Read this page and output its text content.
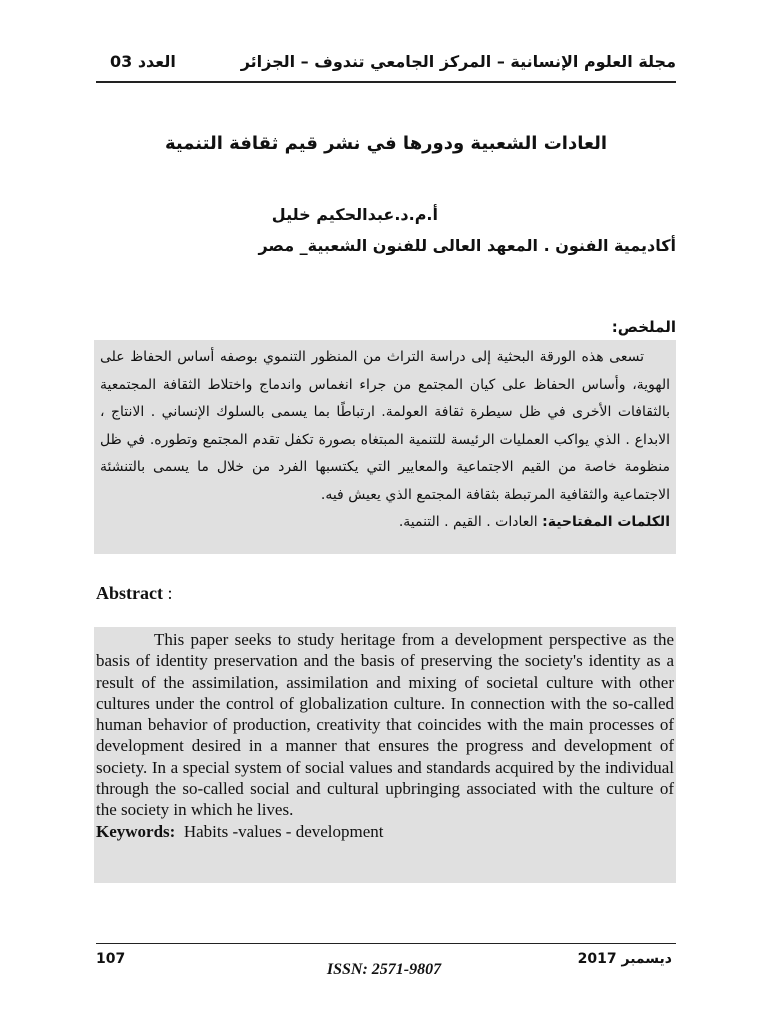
مجلة العلوم الإنسانية – المركز الجامعي تندوف – الجزائر
العدد 03
العادات الشعبية ودورها في نشر قيم ثقافة التنمية
أ.م.د.عبدالحكيم خليل
أكاديمية الفنون . المعهد العالى للفنون الشعبية_ مصر
الملخص:
تسعى هذه الورقة البحثية إلى دراسة التراث من المنظور التنموي بوصفه أساس الحفاظ على الهوية، وأساس الحفاظ على كيان المجتمع من جراء انغماس واندماج واختلاط الثقافة المجتمعية بالثقافات الأخرى في ظل سيطرة ثقافة العولمة. ارتباطًا بما يسمى بالسلوك الإنساني . الانتاج ، الابداع . الذي يواكب العمليات الرئيسة للتنمية المبتغاه بصورة تكفل تقدم المجتمع وتطوره. في ظل منظومة خاصة من القيم الاجتماعية والمعايير التي يكتسبها الفرد من خلال ما يسمى بالتنشئة الاجتماعية والثقافية المرتبطة بثقافة المجتمع الذي يعيش فيه.
الكلمات المفتاحية: العادات . القيم . التنمية.
Abstract :

This paper seeks to study heritage from a development perspective as the basis of identity preservation and the basis of preserving the society's identity as a result of the assimilation, assimilation and mixing of societal culture with other cultures under the control of globalization culture. In connection with the so-called human behavior of production, creativity that coincides with the main processes of development desired in a manner that ensures the progress and development of society. In a special system of social values and standards acquired by the individual through the so-called social and cultural upbringing associated with the culture of the society in which he lives.

Keywords: Habits -values - development
107	ديسمبر 2017
ISSN: 2571-9807
